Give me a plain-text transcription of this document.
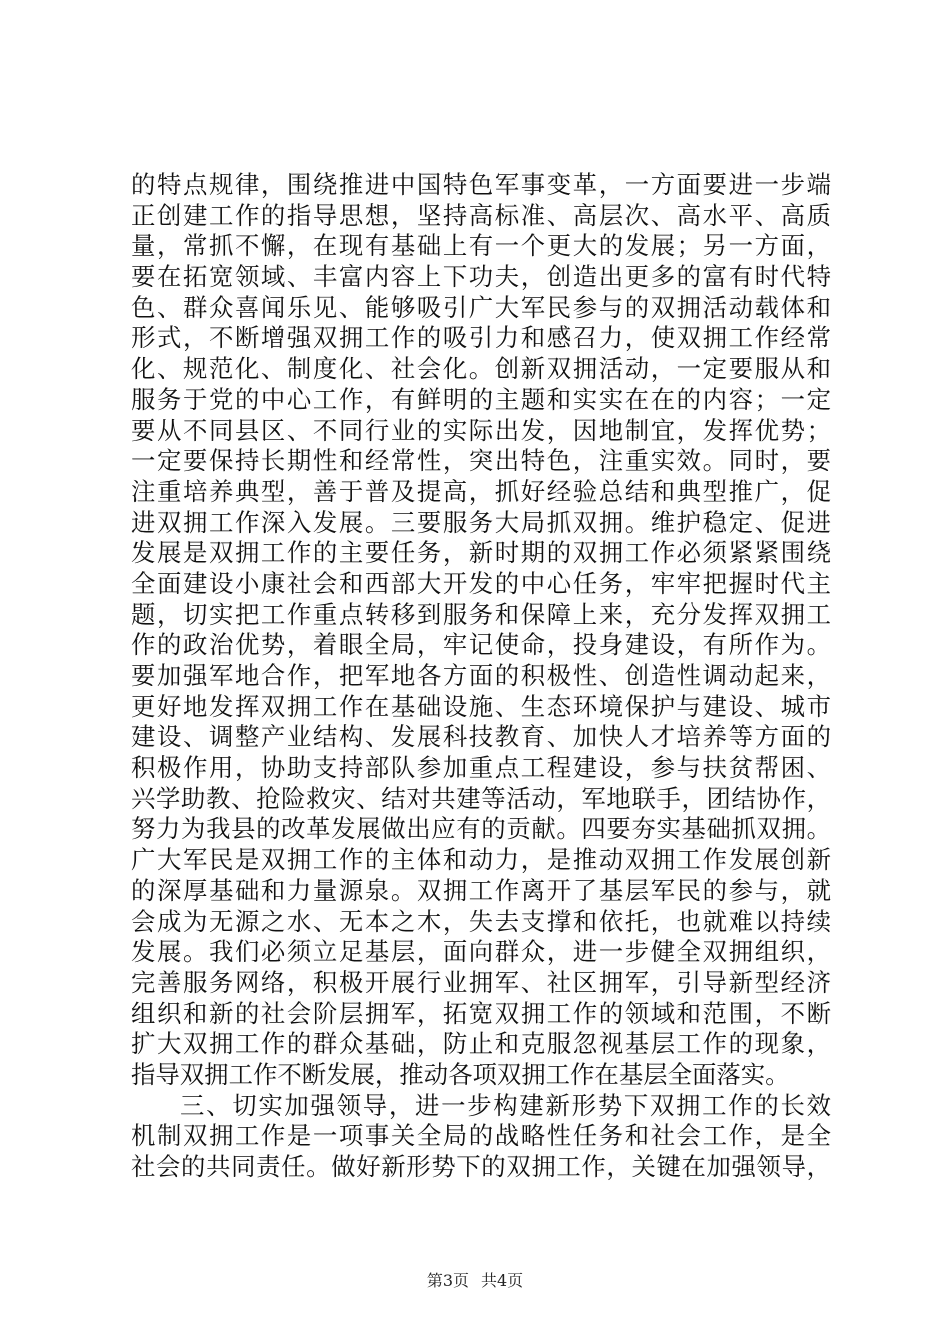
的特点规律，围绕推进中国特色军事变革，一方面要进一步端
正创建工作的指导思想，坚持高标准、高层次、高水平、高质
量，常抓不懈，在现有基础上有一个更大的发展；另一方面，
要在拓宽领域、丰富内容上下功夫，创造出更多的富有时代特
色、群众喜闻乐见、能够吸引广大军民参与的双拥活动载体和
形式，不断增强双拥工作的吸引力和感召力，使双拥工作经常
化、规范化、制度化、社会化。创新双拥活动，一定要服从和
服务于党的中心工作，有鲜明的主题和实实在在的内容；一定
要从不同县区、不同行业的实际出发，因地制宜，发挥优势；
一定要保持长期性和经常性，突出特色，注重实效。同时，要
注重培养典型，善于普及提高，抓好经验总结和典型推广，促
进双拥工作深入发展。三要服务大局抓双拥。维护稳定、促进
发展是双拥工作的主要任务，新时期的双拥工作必须紧紧围绕
全面建设小康社会和西部大开发的中心任务，牢牢把握时代主
题，切实把工作重点转移到服务和保障上来，充分发挥双拥工
作的政治优势，着眼全局，牢记使命，投身建设，有所作为。
要加强军地合作，把军地各方面的积极性、创造性调动起来，
更好地发挥双拥工作在基础设施、生态环境保护与建设、城市
建设、调整产业结构、发展科技教育、加快人才培养等方面的
积极作用，协助支持部队参加重点工程建设，参与扶贫帮困、
兴学助教、抢险救灾、结对共建等活动，军地联手，团结协作，
努力为我县的改革发展做出应有的贡献。四要夯实基础抓双拥。
广大军民是双拥工作的主体和动力，是推动双拥工作发展创新
的深厚基础和力量源泉。双拥工作离开了基层军民的参与，就
会成为无源之水、无本之木，失去支撑和依托，也就难以持续
发展。我们必须立足基层，面向群众，进一步健全双拥组织，
完善服务网络，积极开展行业拥军、社区拥军，引导新型经济
组织和新的社会阶层拥军，拓宽双拥工作的领域和范围，不断
扩大双拥工作的群众基础，防止和克服忽视基层工作的现象，
指导双拥工作不断发展，推动各项双拥工作在基层全面落实。
三、切实加强领导，进一步构建新形势下双拥工作的长效
机制双拥工作是一项事关全局的战略性任务和社会工作，是全
社会的共同责任。做好新形势下的双拥工作，关键在加强领导，
第3页 共4页
